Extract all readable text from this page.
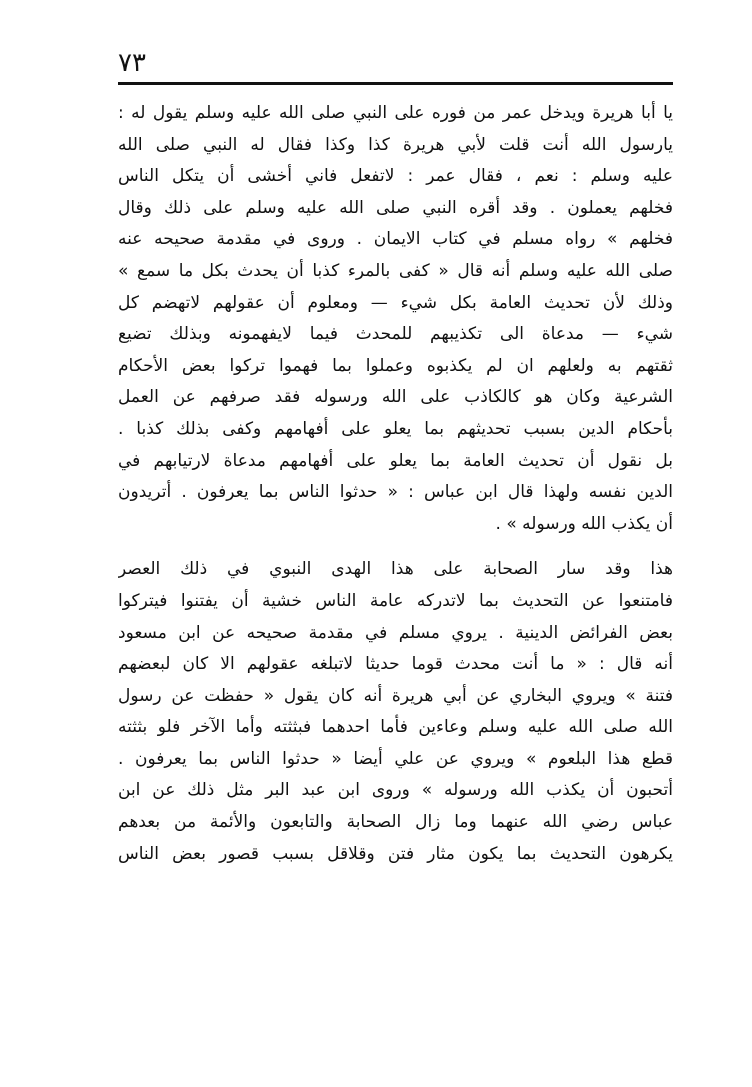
٧٣
يا أبا هريرة ويدخل عمر من فوره على النبي صلى الله عليه وسلم يقول له :
يارسول الله أنت قلت لأبي هريرة كذا وكذا فقال له النبي صلى الله
عليه وسلم : نعم ، فقال عمر : لاتفعل فاني أخشى أن يتكل الناس
فخلهم يعملون . وقد أقره النبي صلى الله عليه وسلم على ذلك وقال
فخلهم » رواه مسلم في كتاب الايمان . وروى في مقدمة صحيحه عنه
صلى الله عليه وسلم أنه قال « كفى بالمرء كذبا أن يحدث بكل ما سمع »
وذلك لأن تحديث العامة بكل شيء — ومعلوم أن عقولهم لاتهضم كل
شيء — مدعاة الى تكذيبهم للمحدث فيما لايفهمونه وبذلك تضيع
ثقتهم به ولعلهم ان لم يكذبوه وعملوا بما فهموا تركوا بعض الأحكام
الشرعية وكان هو كالكاذب على الله ورسوله فقد صرفهم عن العمل
بأحكام الدين بسبب تحديثهم بما يعلو على أفهامهم وكفى بذلك كذبا .
بل نقول أن تحديث العامة بما يعلو على أفهامهم مدعاة لارتيابهم في
الدين نفسه ولهذا قال ابن عباس : « حدثوا الناس بما يعرفون . أتريدون
أن يكذب الله ورسوله » .
هذا وقد سار الصحابة على هذا الهدى النبوي في ذلك العصر
فامتنعوا عن التحديث بما لاتدركه عامة الناس خشية أن يفتنوا فيتركوا
بعض الفرائض الدينية . يروي مسلم في مقدمة صحيحه عن ابن مسعود
أنه قال : « ما أنت محدث قوما حديثا لاتبلغه عقولهم الا كان لبعضهم
فتنة » ويروي البخاري عن أبي هريرة أنه كان يقول « حفظت عن رسول
الله صلى الله عليه وسلم وعاءين فأما احدهما فبثثته وأما الآخر فلو بثثته
قطع هذا البلعوم » ويروي عن علي أيضا « حدثوا الناس بما يعرفون .
أتحبون أن يكذب الله ورسوله » وروى ابن عبد البر مثل ذلك عن ابن
عباس رضي الله عنهما وما زال الصحابة والتابعون والأئمة من بعدهم
يكرهون التحديث بما يكون مثار فتن وقلاقل بسبب قصور بعض الناس
